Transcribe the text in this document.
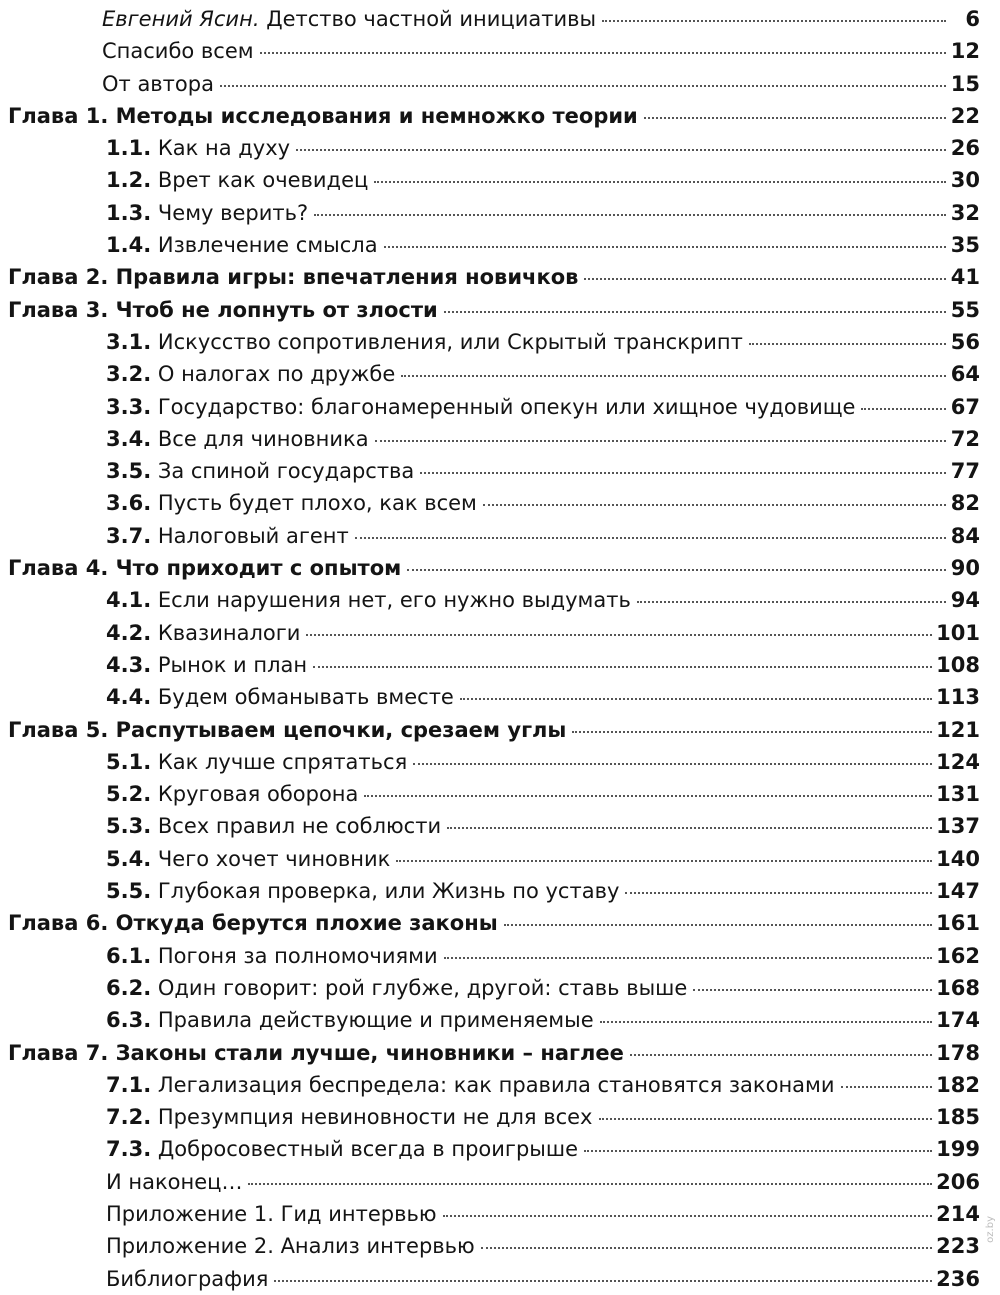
Евгений Ясин. Детство частной инициативы	6
Спасибо всем	12
От автора	15
Глава 1. Методы исследования и немножко теории	22
1.1. Как на духу	26
1.2. Врет как очевидец	30
1.3. Чему верить?	32
1.4. Извлечение смысла	35
Глава 2. Правила игры: впечатления новичков	41
Глава 3. Чтоб не лопнуть от злости	55
3.1. Искусство сопротивления, или Скрытый транскрипт	56
3.2. О налогах по дружбе	64
3.3. Государство: благонамеренный опекун или хищное чудовище	67
3.4. Все для чиновника	72
3.5. За спиной государства	77
3.6. Пусть будет плохо, как всем	82
3.7. Налоговый агент	84
Глава 4. Что приходит с опытом	90
4.1. Если нарушения нет, его нужно выдумать	94
4.2. Квазиналоги	101
4.3. Рынок и план	108
4.4. Будем обманывать вместе	113
Глава 5. Распутываем цепочки, срезаем углы	121
5.1. Как лучше спрятаться	124
5.2. Круговая оборона	131
5.3. Всех правил не соблюсти	137
5.4. Чего хочет чиновник	140
5.5. Глубокая проверка, или Жизнь по уставу	147
Глава 6. Откуда берутся плохие законы	161
6.1. Погоня за полномочиями	162
6.2. Один говорит: рой глубже, другой: ставь выше	168
6.3. Правила действующие и применяемые	174
Глава 7. Законы стали лучше, чиновники – наглее	178
7.1. Легализация беспредела: как правила становятся законами	182
7.2. Презумпция невиновности не для всех	185
7.3. Добросовестный всегда в проигрыше	199
И наконец…	206
Приложение 1. Гид интервью	214
Приложение 2. Анализ интервью	223
Библиография	236
oz.by
